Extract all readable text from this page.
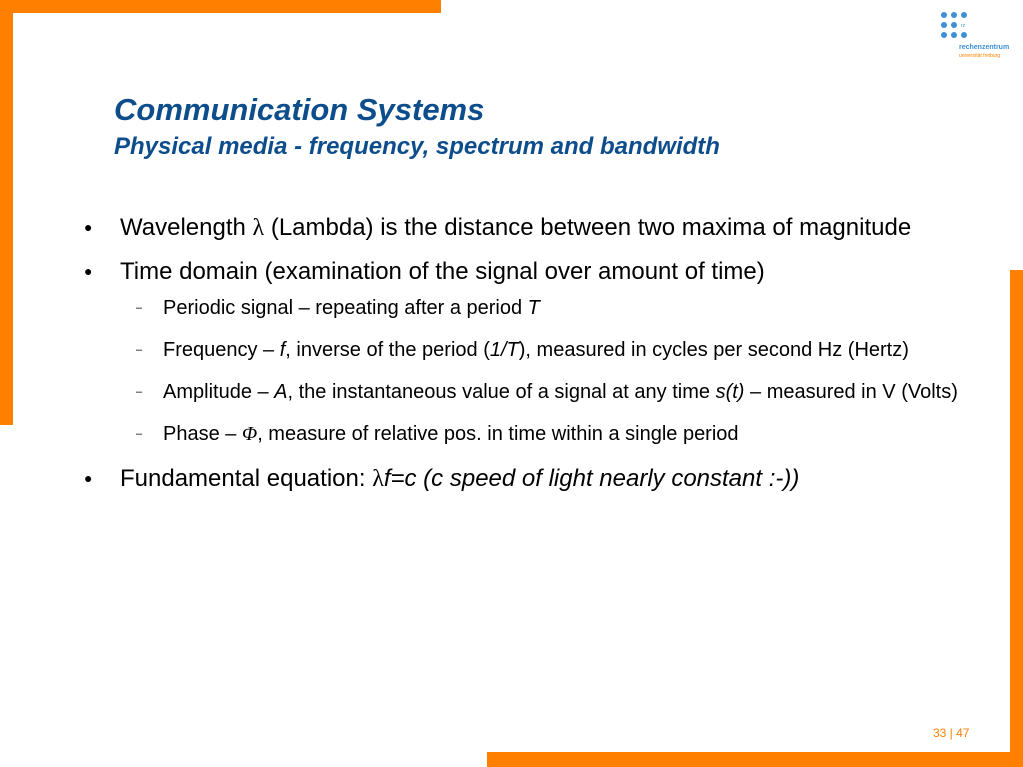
rz
rechenzentrum
universität freiburg
Communication Systems
Physical media - frequency, spectrum and bandwidth
● Wavelength λ (Lambda) is the distance between two maxima of magnitude
● Time domain (examination of the signal over amount of time)
– Periodic signal – repeating after a period T
– Frequency – f, inverse of the period (1/T), measured in cycles per second Hz (Hertz)
– Amplitude – A, the instantaneous value of a signal at any time s(t) – measured in V (Volts)
– Phase – Φ, measure of relative pos. in time within a single period
● Fundamental equation: λf=c (c speed of light nearly constant :-))
33 | 47
